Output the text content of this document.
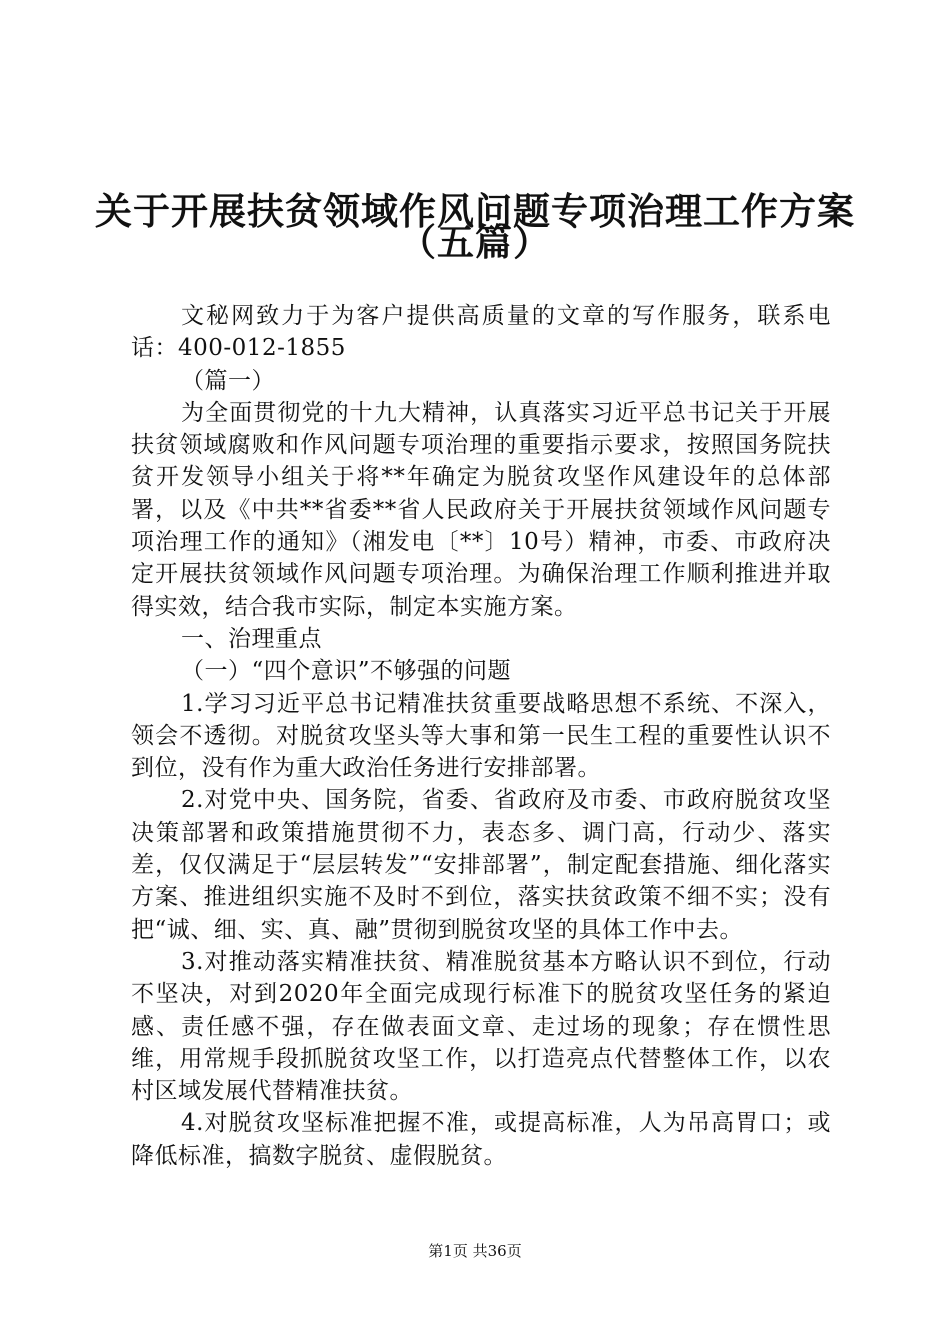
关于开展扶贫领域作风问题专项治理工作方案
（五篇）

文秘网致力于为客户提供高质量的文章的写作服务，联系电话：400-012-1855

（篇一）

为全面贯彻党的十九大精神，认真落实习近平总书记关于开展扶贫领域腐败和作风问题专项治理的重要指示要求，按照国务院扶贫开发领导小组关于将**年确定为脱贫攻坚作风建设年的总体部署，以及《中共**省委**省人民政府关于开展扶贫领域作风问题专项治理工作的通知》（湘发电〔**〕10号）精神，市委、市政府决定开展扶贫领域作风问题专项治理。为确保治理工作顺利推进并取得实效，结合我市实际，制定本实施方案。

一、治理重点

（一）“四个意识”不够强的问题

1.学习习近平总书记精准扶贫重要战略思想不系统、不深入，领会不透彻。对脱贫攻坚头等大事和第一民生工程的重要性认识不到位，没有作为重大政治任务进行安排部署。

2.对党中央、国务院，省委、省政府及市委、市政府脱贫攻坚决策部署和政策措施贯彻不力，表态多、调门高，行动少、落实差，仅仅满足于“层层转发”“安排部署”，制定配套措施、细化落实方案、推进组织实施不及时不到位，落实扶贫政策不细不实；没有把“诚、细、实、真、融”贯彻到脱贫攻坚的具体工作中去。

3.对推动落实精准扶贫、精准脱贫基本方略认识不到位，行动不坚决，对到2020年全面完成现行标准下的脱贫攻坚任务的紧迫感、责任感不强，存在做表面文章、走过场的现象；存在惯性思维，用常规手段抓脱贫攻坚工作，以打造亮点代替整体工作，以农村区域发展代替精准扶贫。

4.对脱贫攻坚标准把握不准，或提高标准，人为吊高胃口；或降低标准，搞数字脱贫、虚假脱贫。

第1页 共36页
